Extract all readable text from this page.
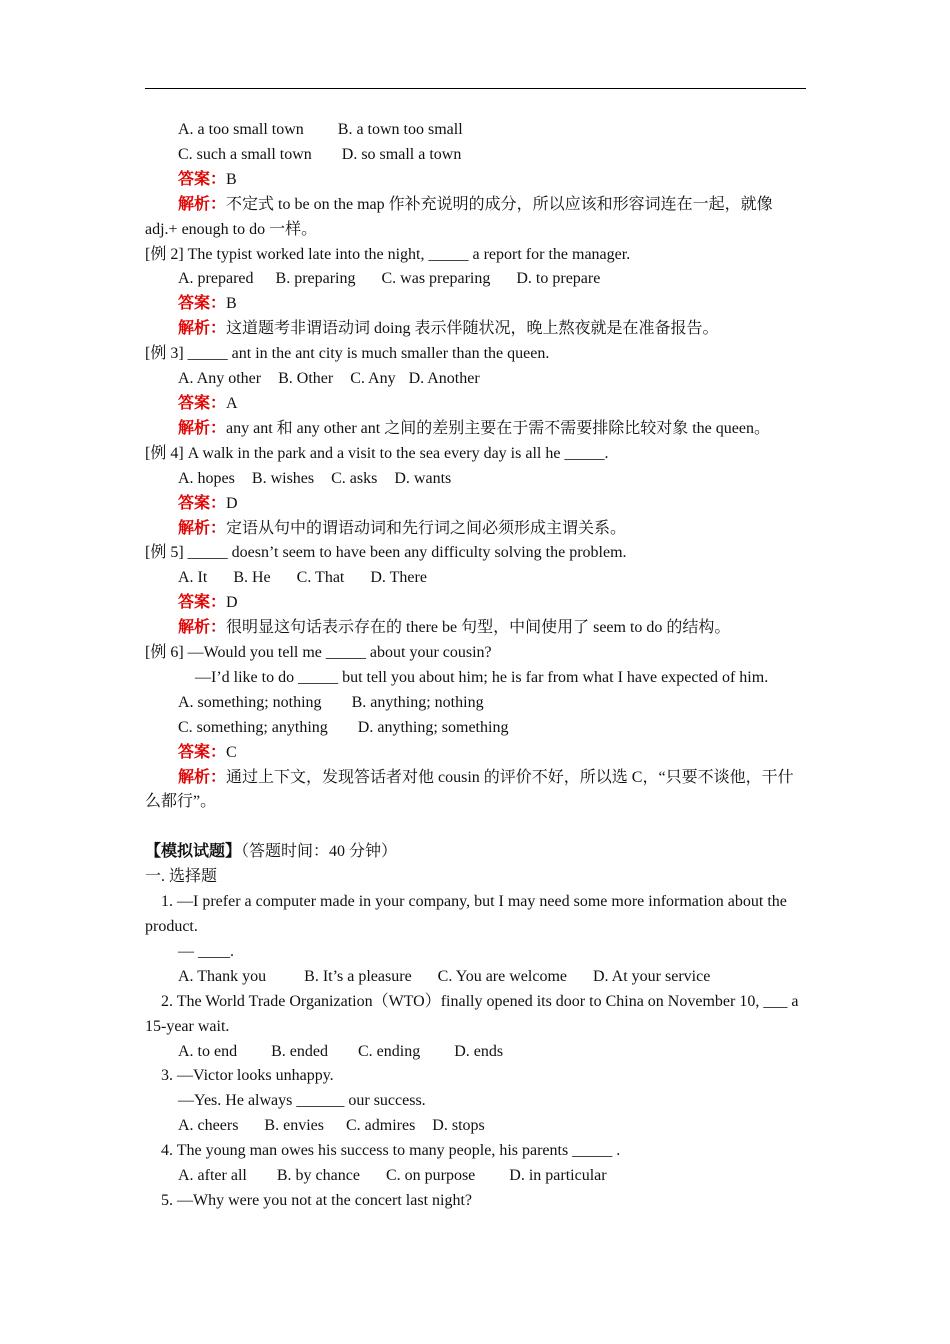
A. a too small town B. a town too small
C. such a small town D. so small a town
答案：B
解析：不定式 to be on the map 作补充说明的成分，所以应该和形容词连在一起，就像 adj.+ enough to do 一样。
[例 2] The typist worked late into the night, _____ a report for the manager.
A. prepared B. preparing C. was preparing D. to prepare
答案：B
解析：这道题考非谓语动词 doing 表示伴随状况，晚上熬夜就是在准备报告。
[例 3] _____ ant in the ant city is much smaller than the queen.
A. Any other B. Other C. Any D. Another
答案：A
解析：any ant 和 any other ant 之间的差别主要在于需不需要排除比较对象 the queen。
[例 4] A walk in the park and a visit to the sea every day is all he _____.
A. hopes B. wishes C. asks D. wants
答案：D
解析：定语从句中的谓语动词和先行词之间必须形成主谓关系。
[例 5] _____ doesn’t seem to have been any difficulty solving the problem.
A. It B. He C. That D. There
答案：D
解析：很明显这句话表示存在的 there be 句型，中间使用了 seem to do 的结构。
[例 6] —Would you tell me _____ about your cousin?
—I’d like to do _____ but tell you about him; he is far from what I have expected of him.
A. something; nothing B. anything; nothing
C. something; anything D. anything; something
答案：C
解析：通过上下文，发现答话者对他 cousin 的评价不好，所以选 C，“只要不谈他，干什么都行”。
【模拟试题】（答题时间：40 分钟）
一. 选择题
1. —I prefer a computer made in your company, but I may need some more information about the product.
— ____.
A. Thank you B. It’s a pleasure C. You are welcome D. At your service
2. The World Trade Organization（WTO）finally opened its door to China on November 10, ___ a 15-year wait.
A. to end B. ended C. ending D. ends
3. —Victor looks unhappy.
—Yes. He always ______ our success.
A. cheers B. envies C. admires D. stops
4. The young man owes his success to many people, his parents _____ .
A. after all B. by chance C. on purpose D. in particular
5. —Why were you not at the concert last night?
